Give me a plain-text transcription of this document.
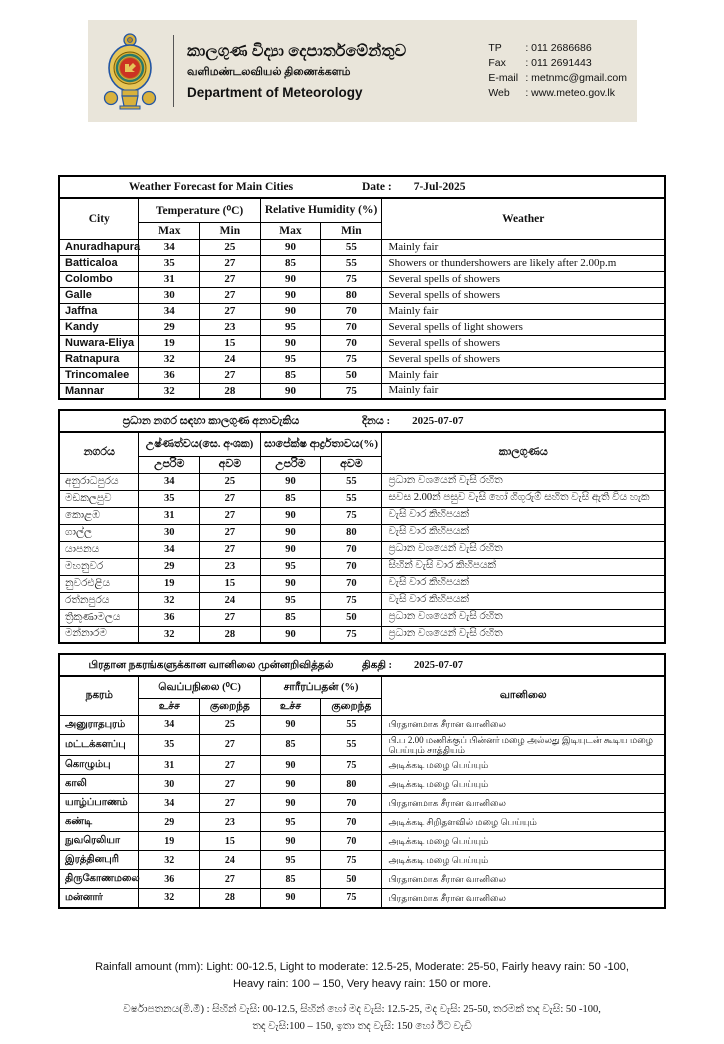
කාලගුණ විද්‍යා දෙපාර්තමේන්තුව
வளிமண்டலவியல் திணைக்களம்
Department of Meteorology
TP	: 011 2686686
Fax	: 011 2691443
E-mail : metnmc@gmail.com
Web	: www.meteo.gov.lk
Weather Forecast for Main Cities Date : 7-Jul-2025					

City	Temperature (⁰C)		Relative Humidity (%)		Weather
	Max	Min	Max	Min	
Anuradhapura	34	25	90	55	Mainly fair
Batticaloa	35	27	85	55	Showers or thundershowers are likely after 2.00p.m
Colombo	31	27	90	75	Several spells of showers
Galle	30	27	90	80	Several spells of showers
Jaffna	34	27	90	70	Mainly fair
Kandy	29	23	95	70	Several spells of light showers
Nuwara-Eliya	19	15	90	70	Several spells of showers
Ratnapura	32	24	95	75	Several spells of showers
Trincomalee	36	27	85	50	Mainly fair
Mannar	32	28	90	75	Mainly fair
ප්‍රධාන නගර සඳහා කාලගුණ අනාවැකිය දිනය : 2025-07-07					

නගරය	උෂ්ණත්වය(සෙ. අංශක)		සාපේක්ෂ ආර්ද්‍රතාවය(%)		කාලගුණය
	උපරිම	අවම	උපරිම	අවම	
අනුරාධපුරය	34	25	90	55	ප්‍රධාන වශයෙන් වැසි රහිත
මඩකලපුව	35	27	85	55	සවස 2.00න් පසුව වැසි හෝ ගිගුරුම් සහිත වැසි ඇති විය හැක
කොළඹ	31	27	90	75	වැසි වාර කිහිපයක්
ගාල්ල	30	27	90	80	වැසි වාර කිහිපයක්
යාපනය	34	27	90	70	ප්‍රධාන වශයෙන් වැසි රහිත
මහනුවර	29	23	95	70	සිහින් වැසි වාර කිහිපයක්
නුවරඑළිය	19	15	90	70	වැසි වාර කිහිපයක්
රත්නපුරය	32	24	95	75	වැසි වාර කිහිපයක්
ත්‍රිකුණාමලය	36	27	85	50	ප්‍රධාන වශයෙන් වැසි රහිත
මන්නාරම	32	28	90	75	ප්‍රධාන වශයෙන් වැසි රහිත
பிரதான நகரங்களுக்கான வானிலை முன்னறிவித்தல் திகதி : 2025-07-07					

நகரம்	வெப்பநிலை (⁰C)		சாரீரப்பதன் (%)		வானிலை
	உச்ச	குறைந்த	உச்ச	குறைந்த	
அனுராதபுரம்	34	25	90	55	பிரதானமாக சீரான வானிலை
மட்டக்களப்பு	35	27	85	55	பி.ப 2.00 மணிக்குப் பின்னர் மழை அல்லது இடியுடன் கூடிய மழை பெய்யும் சாத்தியம்
கொழும்பு	31	27	90	75	அடிக்கடி மழை பெய்யும்
காலி	30	27	90	80	அடிக்கடி மழை பெய்யும்
யாழ்ப்பாணம்	34	27	90	70	பிரதானமாக சீரான வானிலை
கண்டி	29	23	95	70	அடிக்கடி சிறிதளவில் மழை பெய்யும்
நுவரெலியா	19	15	90	70	அடிக்கடி மழை பெய்யும்
இரத்தினபுரி	32	24	95	75	அடிக்கடி மழை பெய்யும்
திருகோணமலை	36	27	85	50	பிரதானமாக சீரான வானிலை
மன்னார்	32	28	90	75	பிரதானமாக சீரான வானிலை
Rainfall amount (mm): Light: 00-12.5, Light to moderate: 12.5-25, Moderate: 25-50, Fairly heavy rain: 50 -100,
Heavy rain: 100 – 150, Very heavy rain: 150 or more.
වර්ෂාපතනය(මි.මී) : සිහින් වැසි: 00-12.5, සිහින් හෝ මද වැසි: 12.5-25, මද වැසි: 25-50, තරමක් තද වැසි: 50 -100,
තද වැසි:100 – 150, ඉතා තද වැසි: 150 හෝ ඊට වැඩි
